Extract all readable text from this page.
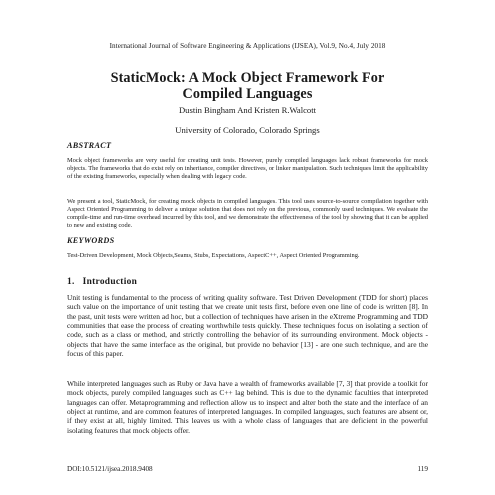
International Journal of Software Engineering & Applications (IJSEA), Vol.9, No.4, July 2018
StaticMock: A Mock Object Framework For
Compiled Languages
Dustin Bingham And Kristen R.Walcott
University of Colorado, Colorado Springs
ABSTRACT

Mock object frameworks are very useful for creating unit tests. However, purely compiled languages lack robust frameworks for mock objects. The frameworks that do exist rely on inheritance, compiler directives, or linker manipulation. Such techniques limit the applicability of the existing frameworks, especially when dealing with legacy code.

We present a tool, StaticMock, for creating mock objects in compiled languages. This tool uses source-to-source compilation together with Aspect Oriented Programming to deliver a unique solution that does not rely on the previous, commonly used techniques. We evaluate the compile-time and run-time overhead incurred by this tool, and we demonstrate the effectiveness of the tool by showing that it can be applied to new and existing code.

KEYWORDS

Test-Driven Development, Mock Objects,Seams, Stubs, Expectations, AspectC++, Aspect Oriented Programming.

1. Introduction

Unit testing is fundamental to the process of writing quality software. Test Driven Development (TDD for short) places such value on the importance of unit testing that we create unit tests first, before even one line of code is written [8]. In the past, unit tests were written ad hoc, but a collection of techniques have arisen in the eXtreme Programming and TDD communities that ease the process of creating worthwhile tests quickly. These techniques focus on isolating a section of code, such as a class or method, and strictly controlling the behavior of its surrounding environment. Mock objects - objects that have the same interface as the original, but provide no behavior [13] - are one such technique, and are the focus of this paper.

While interpreted languages such as Ruby or Java have a wealth of frameworks available [7, 3] that provide a toolkit for mock objects, purely compiled languages such as C++ lag behind. This is due to the dynamic faculties that interpreted languages can offer. Metaprogramming and reflection allow us to inspect and alter both the state and the interface of an object at runtime, and are common features of interpreted languages. In compiled languages, such features are absent or, if they exist at all, highly limited. This leaves us with a whole class of languages that are deficient in the powerful isolating features that mock objects offer.

DOI:10.5121/ijsea.2018.9408	119
